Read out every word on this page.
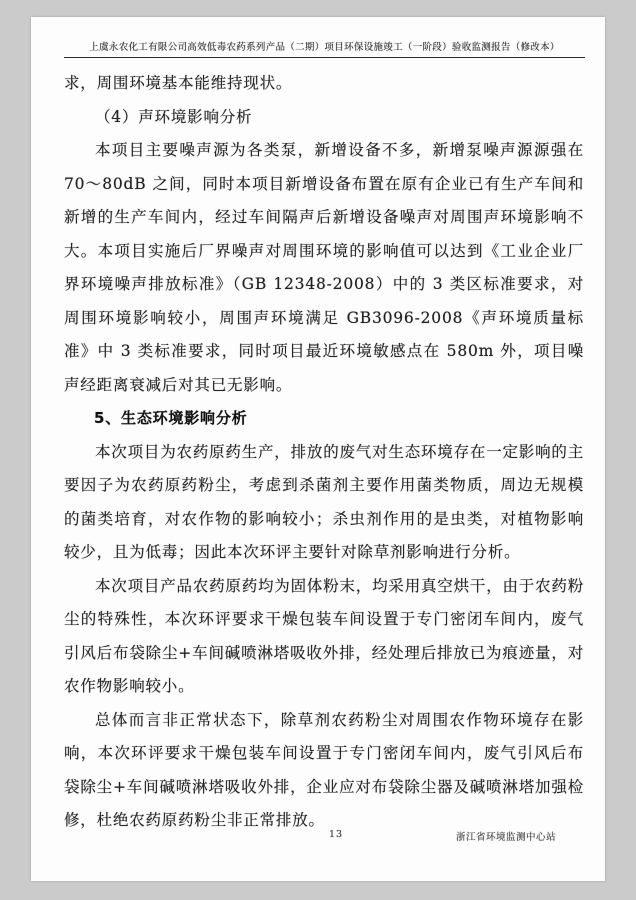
上虞永农化工有限公司高效低毒农药系列产品（二期）项目环保设施竣工（一阶段）验收监测报告（修改本）

求，周围环境基本能维持现状。

（4）声环境影响分析

本项目主要噪声源为各类泵，新增设备不多，新增泵噪声源源强在 70～80dB 之间，同时本项目新增设备布置在原有企业已有生产车间和新增的生产车间内，经过车间隔声后新增设备噪声对周围声环境影响不大。本项目实施后厂界噪声对周围环境的影响值可以达到《工业企业厂界环境噪声排放标准》（GB 12348-2008）中的 3 类区标准要求，对周围环境影响较小，周围声环境满足 GB3096-2008《声环境质量标准》中 3 类标准要求，同时项目最近环境敏感点在 580m 外，项目噪声经距离衰减后对其已无影响。

5、生态环境影响分析

本次项目为农药原药生产，排放的废气对生态环境存在一定影响的主要因子为农药原药粉尘，考虑到杀菌剂主要作用菌类物质，周边无规模的菌类培育，对农作物的影响较小；杀虫剂作用的是虫类，对植物影响较少，且为低毒；因此本次环评主要针对除草剂影响进行分析。

本次项目产品农药原药均为固体粉末，均采用真空烘干，由于农药粉尘的特殊性，本次环评要求干燥包装车间设置于专门密闭车间内，废气引风后布袋除尘+车间碱喷淋塔吸收外排，经处理后排放已为痕迹量，对农作物影响较小。

总体而言非正常状态下，除草剂农药粉尘对周围农作物环境存在影响，本次环评要求干燥包装车间设置于专门密闭车间内，废气引风后布袋除尘+车间碱喷淋塔吸收外排，企业应对布袋除尘器及碱喷淋塔加强检修，杜绝农药原药粉尘非正常排放。

13	浙江省环境监测中心站
